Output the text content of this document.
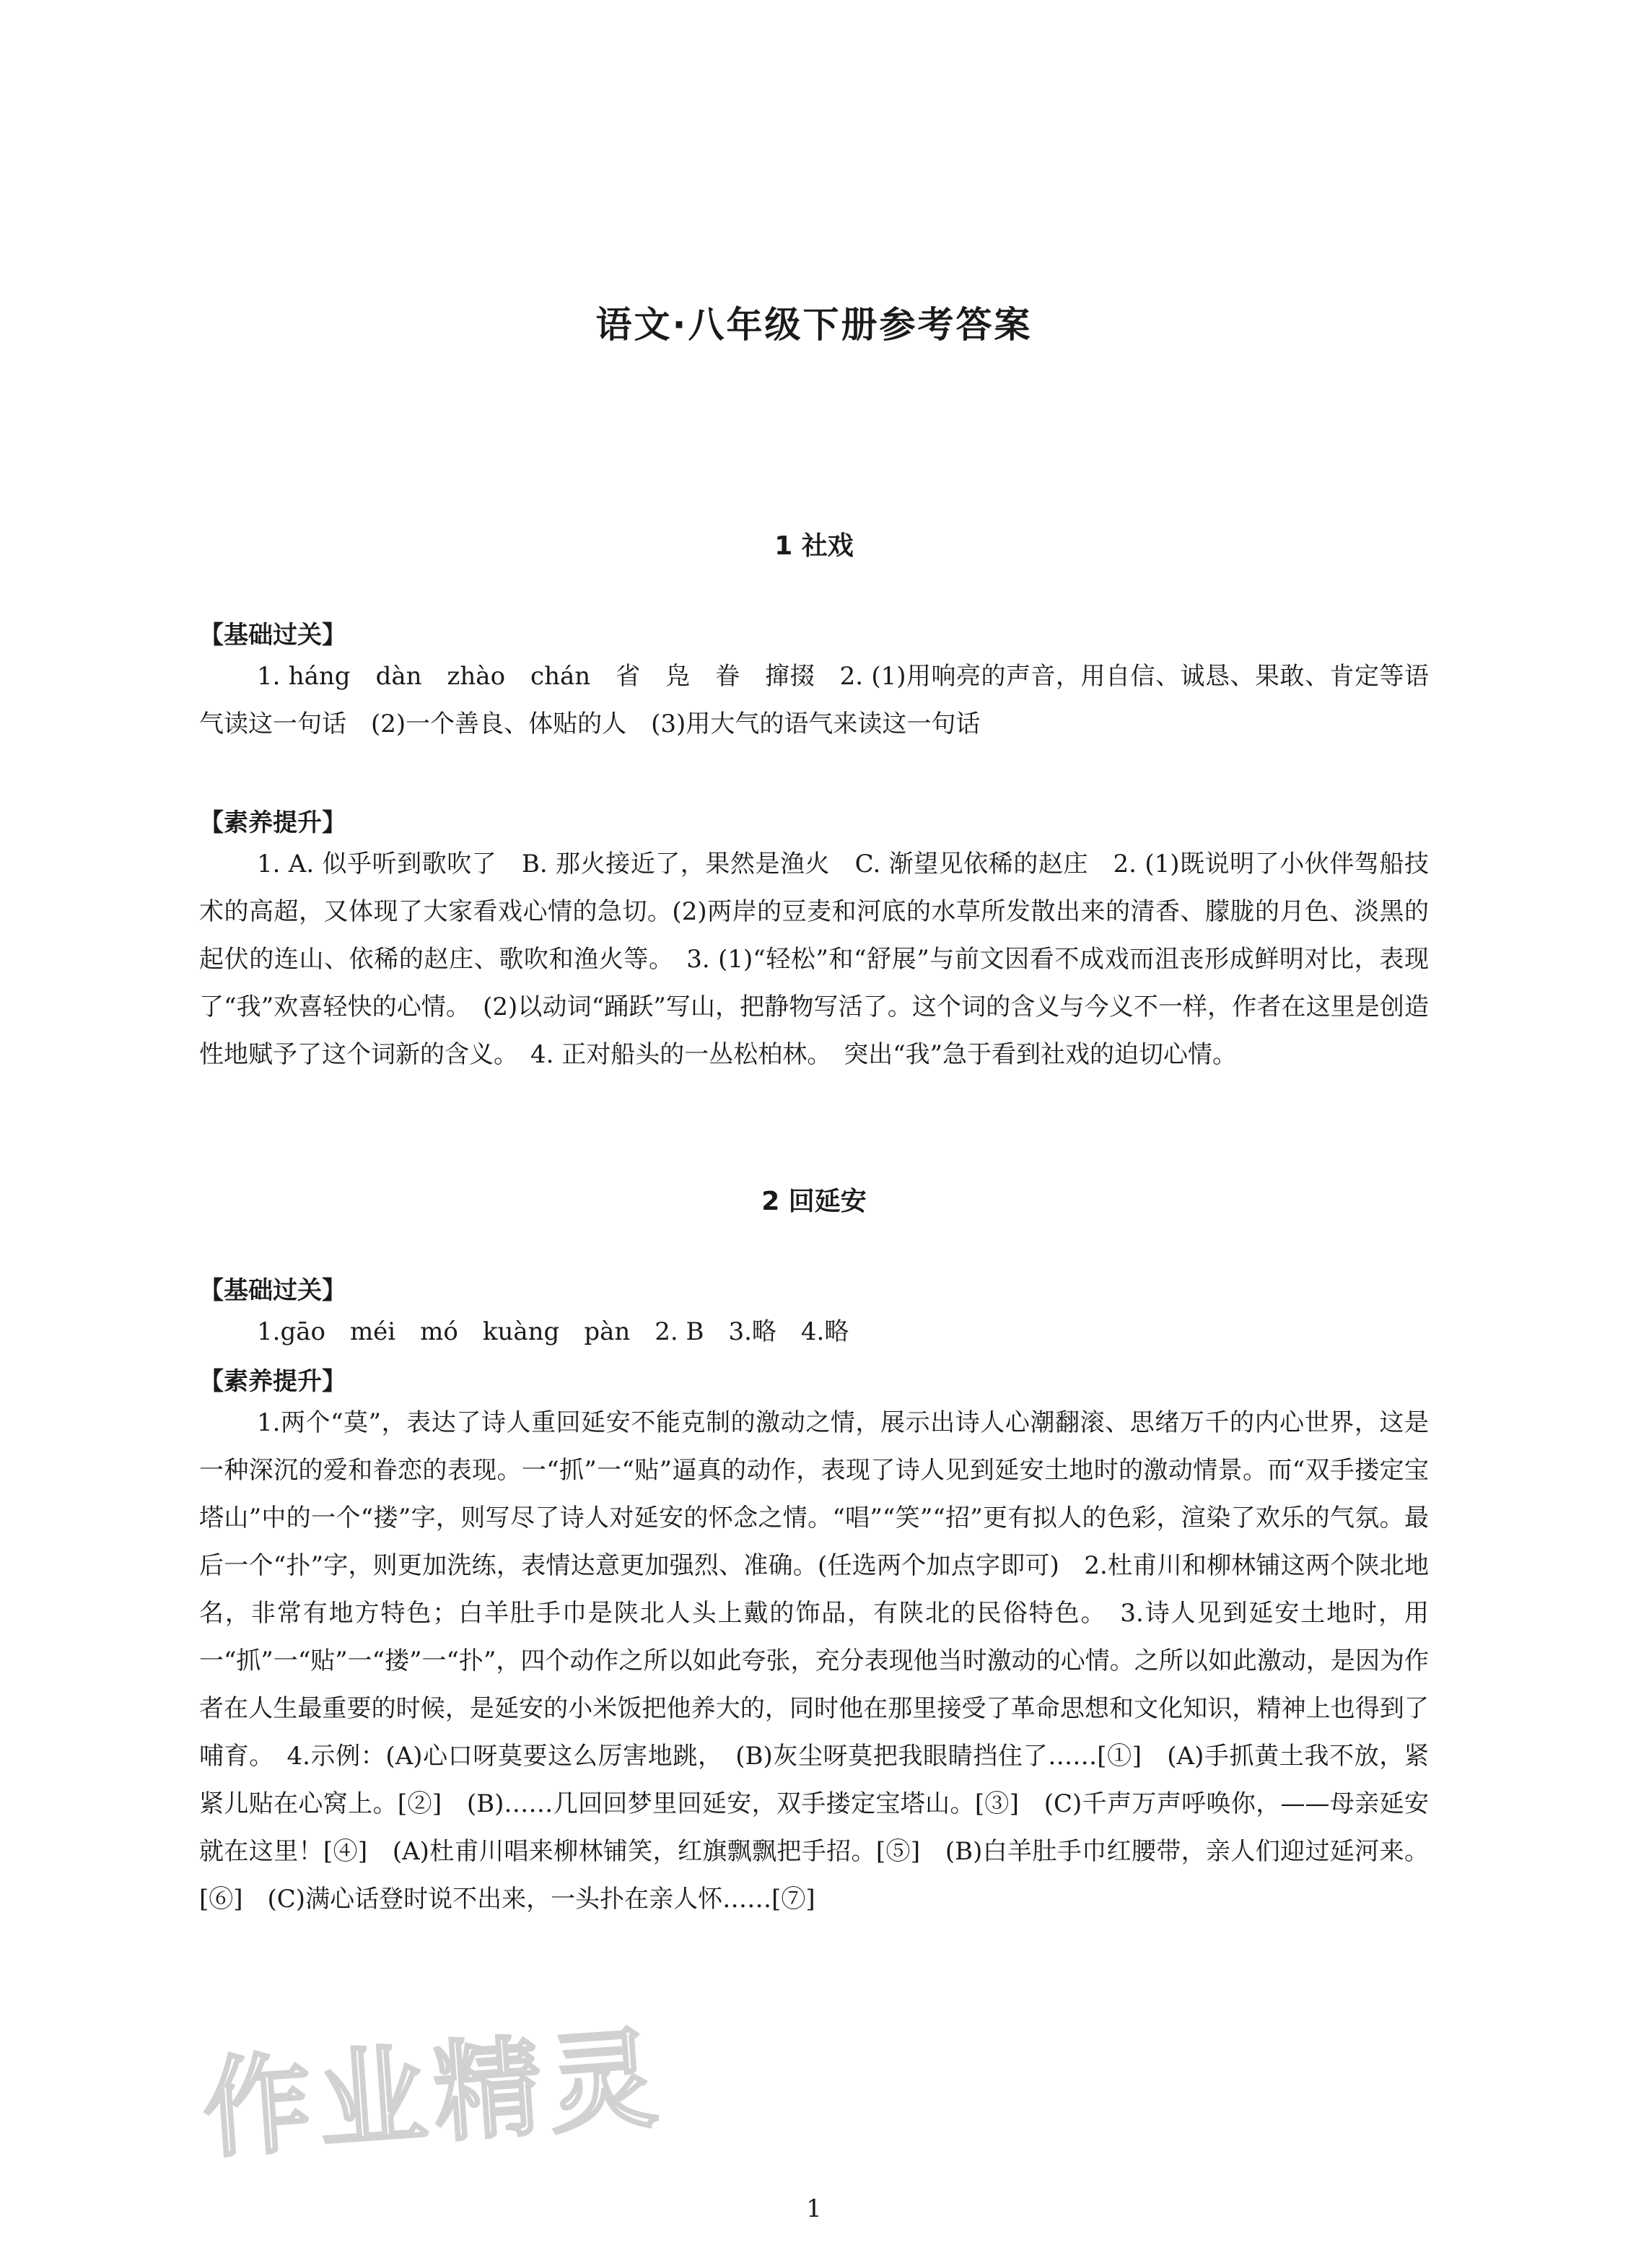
语文·八年级下册参考答案
1 社戏
【基础过关】

1. háng　dàn　zhào　chán　省　凫　眷　撺掇　2. (1)用响亮的声音，用自信、诚恳、果敢、肯定等语气读这一句话　(2)一个善良、体贴的人　(3)用大气的语气来读这一句话

【素养提升】

1. A. 似乎听到歌吹了　B. 那火接近了，果然是渔火　C. 渐望见依稀的赵庄　2. (1)既说明了小伙伴驾船技术的高超，又体现了大家看戏心情的急切。(2)两岸的豆麦和河底的水草所发散出来的清香、朦胧的月色、淡黑的起伏的连山、依稀的赵庄、歌吹和渔火等。　3. (1)“轻松”和“舒展”与前文因看不成戏而沮丧形成鲜明对比，表现了“我”欢喜轻快的心情。　(2)以动词“踊跃”写山，把静物写活了。这个词的含义与今义不一样，作者在这里是创造性地赋予了这个词新的含义。　4. 正对船头的一丛松柏林。　突出“我”急于看到社戏的迫切心情。

2 回延安
【基础过关】

1.gāo　méi　mó　kuàng　pàn　2. B　3.略　4.略

【素养提升】

1.两个“莫”，表达了诗人重回延安不能克制的激动之情，展示出诗人心潮翻滚、思绪万千的内心世界，这是一种深沉的爱和眷恋的表现。一“抓”一“贴”逼真的动作，表现了诗人见到延安土地时的激动情景。而“双手搂定宝塔山”中的一个“搂”字，则写尽了诗人对延安的怀念之情。“唱”“笑”“招”更有拟人的色彩，渲染了欢乐的气氛。最后一个“扑”字，则更加洗练，表情达意更加强烈、准确。(任选两个加点字即可)　2.杜甫川和柳林铺这两个陕北地名，非常有地方特色；白羊肚手巾是陕北人头上戴的饰品，有陕北的民俗特色。　3.诗人见到延安土地时，用一“抓”一“贴”一“搂”一“扑”，四个动作之所以如此夸张，充分表现他当时激动的心情。之所以如此激动，是因为作者在人生最重要的时候，是延安的小米饭把他养大的，同时他在那里接受了革命思想和文化知识，精神上也得到了哺育。　4.示例：(A)心口呀莫要这么厉害地跳，　(B)灰尘呀莫把我眼睛挡住了……[①]　(A)手抓黄土我不放，紧紧儿贴在心窝上。[②]　(B)……几回回梦里回延安，双手搂定宝塔山。[③]　(C)千声万声呼唤你，——母亲延安就在这里！[④]　(A)杜甫川唱来柳林铺笑，红旗飘飘把手招。[⑤]　(B)白羊肚手巾红腰带，亲人们迎过延河来。[⑥]　(C)满心话登时说不出来，一头扑在亲人怀……[⑦]

作业精灵
1
